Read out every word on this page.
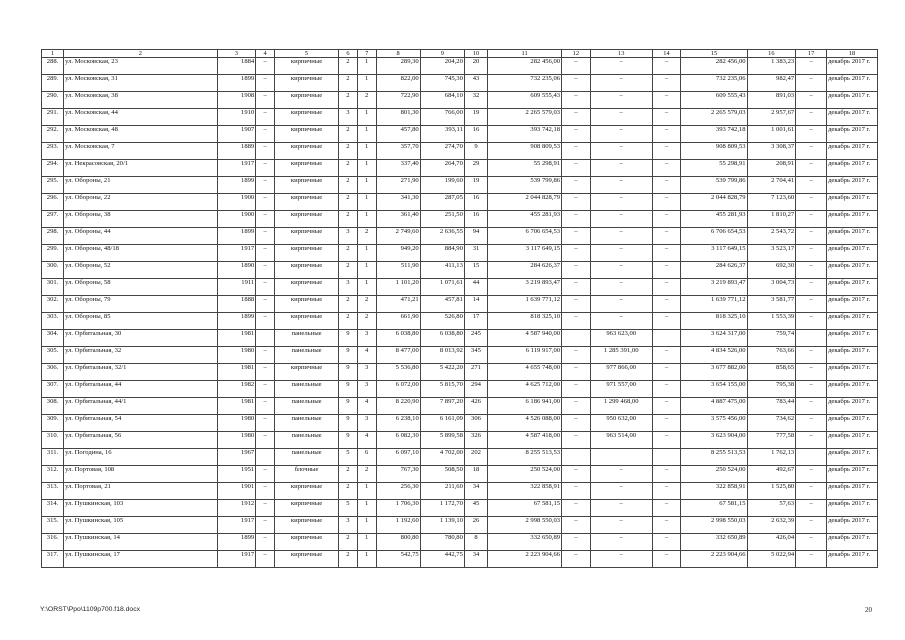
1	2	3	4	5	6	7	8	9	10	11	12	13	14	15	16	17	18
288.	ул. Московская, 23	1884	–	кирпичные	2	1	289,30	204,20	20	282 456,00	–	–	–	282 456,00	1 383,23	–	декабрь 2017 г.
289.	ул. Московская, 31	1899	–	кирпичные	2	1	822,00	745,30	43	732 235,06	–	–	–	732 235,06	982,47	–	декабрь 2017 г.
290.	ул. Московская, 38	1908	–	кирпичные	2	2	722,90	684,10	32	609 555,43	–	–	–	609 555,43	891,03	–	декабрь 2017 г.
291.	ул. Московская, 44	1910	–	кирпичные	3	1	801,30	766,00	19	2 265 579,03	–	–	–	2 265 579,03	2 957,67	–	декабрь 2017 г.
292.	ул. Московская, 48	1907	–	кирпичные	2	1	457,80	393,11	16	393 742,18	–	–	–	393 742,18	1 001,61	–	декабрь 2017 г.
293.	ул. Московская, 7	1889	–	кирпичные	2	1	357,70	274,70	9	908 809,53	–	–	–	908 809,53	3 308,37	–	декабрь 2017 г.
294.	ул. Некрасовская, 20/1	1917	–	кирпичные	2	1	337,40	264,70	29	55 298,91	–	–	–	55 298,91	208,91	–	декабрь 2017 г.
295.	ул. Обороны, 21	1899	–	кирпичные	2	1	271,90	199,60	19	539 799,86	–	–	–	539 799,86	2 704,41	–	декабрь 2017 г.
296.	ул. Обороны, 22	1900	–	кирпичные	2	1	341,30	287,05	16	2 044 828,79	–	–	–	2 044 828,79	7 123,60	–	декабрь 2017 г.
297.	ул. Обороны, 38	1900	–	кирпичные	2	1	361,40	251,50	16	455 281,93	–	–	–	455 281,93	1 810,27	–	декабрь 2017 г.
298.	ул. Обороны, 44	1899	–	кирпичные	3	2	2 749,60	2 636,55	94	6 706 654,53	–	–	–	6 706 654,53	2 543,72	–	декабрь 2017 г.
299.	ул. Обороны, 48/18	1917	–	кирпичные	2	1	949,20	884,90	31	3 117 649,15	–	–	–	3 117 649,15	3 523,17	–	декабрь 2017 г.
300.	ул. Обороны, 52	1890	–	кирпичные	2	1	511,90	411,13	15	284 626,37	–	–	–	284 626,37	692,30	–	декабрь 2017 г.
301.	ул. Обороны, 58	1911	–	кирпичные	3	1	1 101,20	1 071,61	44	3 219 893,47	–	–	–	3 219 893,47	3 004,73	–	декабрь 2017 г.
302.	ул. Обороны, 79	1888	–	кирпичные	2	2	471,21	457,81	14	1 639 771,12	–	–	–	1 639 771,12	3 581,77	–	декабрь 2017 г.
303.	ул. Обороны, 85	1899	–	кирпичные	2	2	661,90	526,80	17	818 325,10	–	–	–	818 325,10	1 553,39	–	декабрь 2017 г.
304.	ул. Орбитальная, 30	1981		панельные	9	3	6 038,80	6 038,80	245	4 587 940,00		963 623,00		3 624 317,00	759,74		декабрь 2017 г.
305.	ул. Орбитальная, 32	1980	–	панельные	9	4	8 477,00	8 013,92	345	6 119 917,00	–	1 285 391,00	–	4 834 526,00	763,66	–	декабрь 2017 г.
306.	ул. Орбитальная, 32/1	1981	–	кирпичные	9	3	5 536,80	5 422,20	271	4 655 748,00	–	977 866,00	–	3 677 882,00	858,65	–	декабрь 2017 г.
307.	ул. Орбитальная, 44	1982	–	панельные	9	3	6 072,00	5 815,70	294	4 625 712,00	–	971 557,00	–	3 654 155,00	795,38	–	декабрь 2017 г.
308.	ул. Орбитальная, 44/1	1981	–	панельные	9	4	8 220,90	7 897,20	426	6 186 941,00	–	1 299 468,00	–	4 887 475,00	783,44	–	декабрь 2017 г.
309.	ул. Орбитальная, 54	1980	–	панельные	9	3	6 238,10	6 161,09	306	4 526 088,00	–	950 632,00	–	3 575 456,00	734,62	–	декабрь 2017 г.
310.	ул. Орбитальная, 56	1980	–	панельные	9	4	6 082,30	5 899,58	326	4 587 418,00	–	963 514,00	–	3 623 904,00	777,58	–	декабрь 2017 г.
311.	ул. Погодина, 16	1967		панельные	5	6	6 097,10	4 702,00	202	8 255 513,53				8 255 513,53	1 762,13		декабрь 2017 г.
312.	ул. Портовая, 108	1951	–	блочные	2	2	767,30	508,50	18	250 524,00	–	–	–	250 524,00	492,67	–	декабрь 2017 г.
313.	ул. Портовая, 21	1901	–	кирпичные	2	1	256,30	211,60	34	322 858,91	–	–	–	322 858,91	1 525,80	–	декабрь 2017 г.
314.	ул. Пушкинская, 103	1912	–	кирпичные	5	1	1 706,30	1 172,70	45	67 581,15	–	–	–	67 581,15	57,63	–	декабрь 2017 г.
315.	ул. Пушкинская, 105	1917	–	кирпичные	3	1	1 192,60	1 139,10	26	2 998 550,03	–	–	–	2 998 550,03	2 632,39	–	декабрь 2017 г.
316.	ул. Пушкинская, 14	1899	–	кирпичные	2	1	800,80	780,80	8	332 650,89	–	–	–	332 650,89	426,04	–	декабрь 2017 г.
317.	ул. Пушкинская, 17	1917	–	кирпичные	2	1	542,75	442,75	34	2 223 904,66	–	–	–	2 223 904,66	5 022,94	–	декабрь 2017 г.
Y:\ORST\Ppo\1109p700.f18.docx	20
